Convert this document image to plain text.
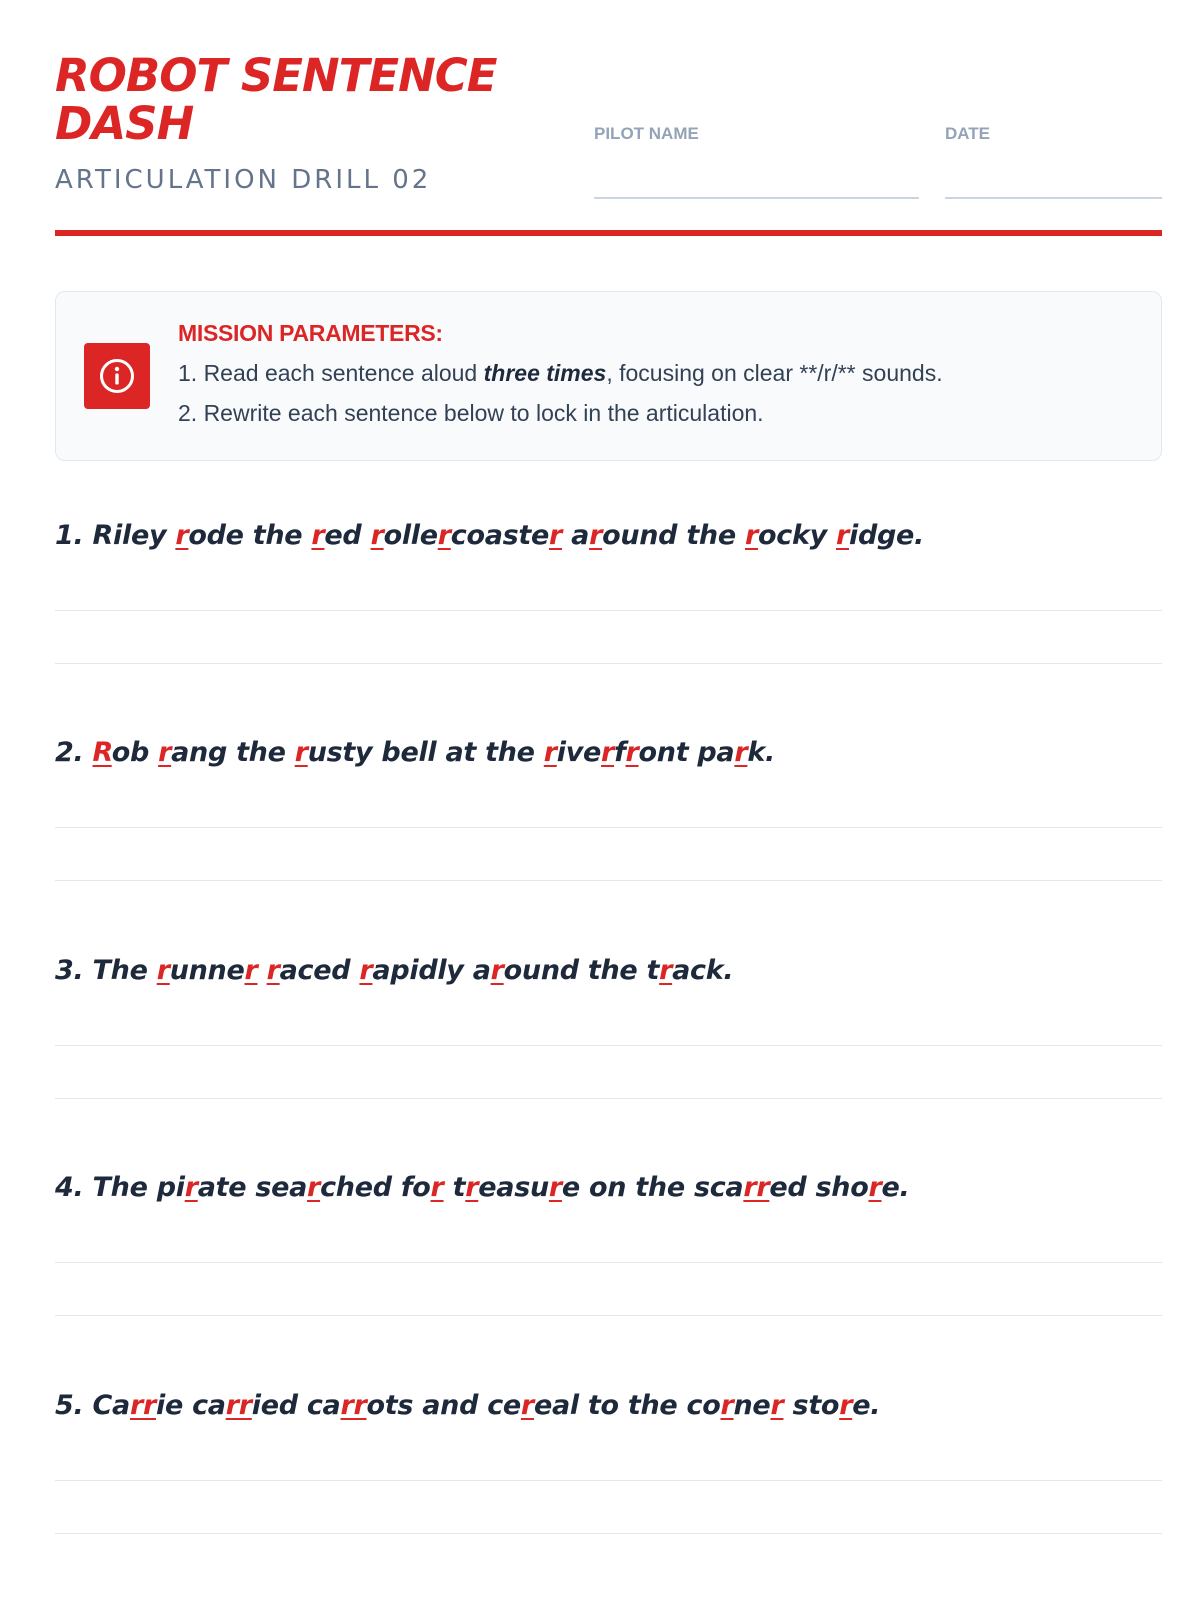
ROBOT SENTENCE
DASH

ARTICULATION DRILL 02

PILOT NAME	DATE
MISSION PARAMETERS:
1. Read each sentence aloud three times, focusing on clear **/r/** sounds.
2. Rewrite each sentence below to lock in the articulation.

1. Riley rode the red rollercoaster around the rocky ridge.

2. Rob rang the rusty bell at the riverfront park.

3. The runner raced rapidly around the track.

4. The pirate searched for treasure on the scarred shore.

5. Carrie carried carrots and cereal to the corner store.
